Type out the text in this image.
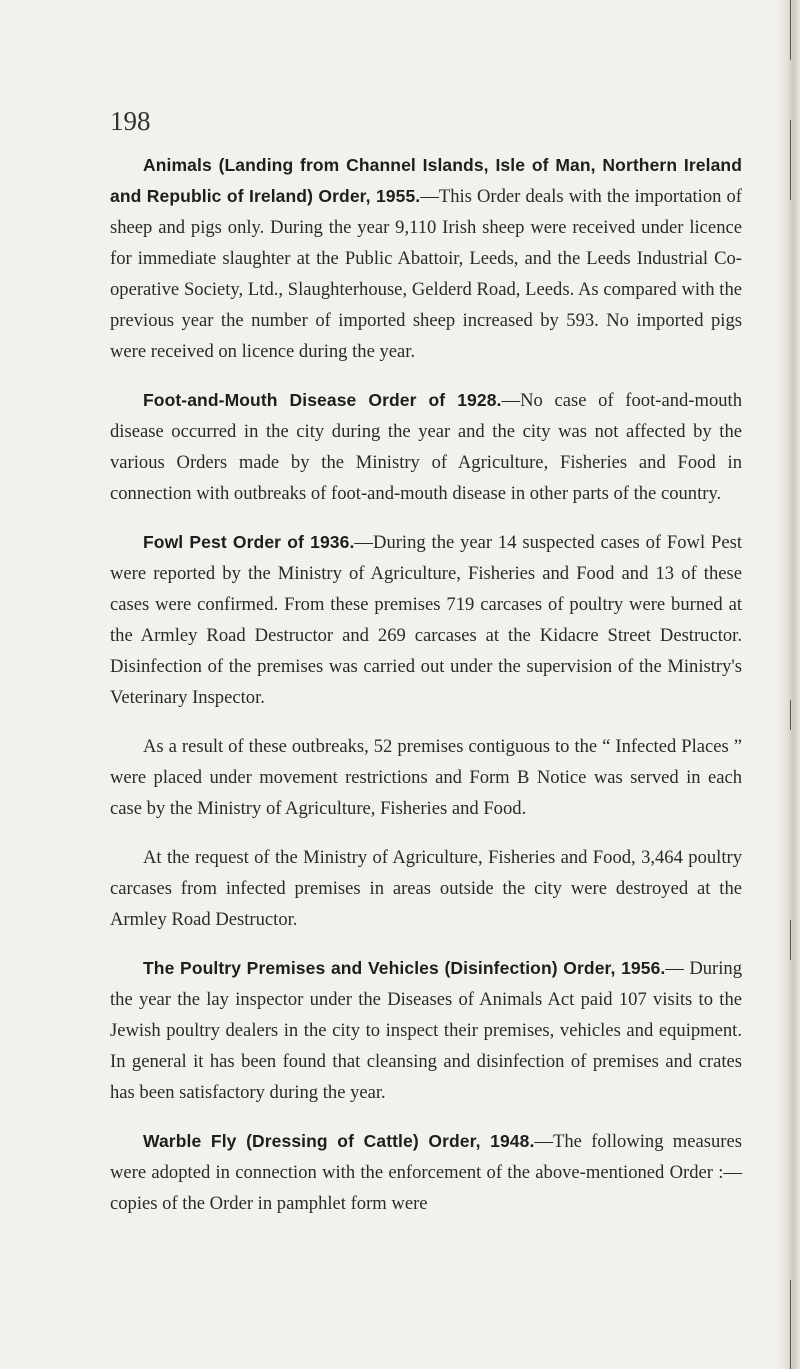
198

Animals (Landing from Channel Islands, Isle of Man, Northern Ireland and Republic of Ireland) Order, 1955.—This Order deals with the importation of sheep and pigs only. During the year 9,110 Irish sheep were received under licence for immediate slaughter at the Public Abattoir, Leeds, and the Leeds Industrial Co-operative Society, Ltd., Slaughterhouse, Gelderd Road, Leeds. As compared with the previous year the number of imported sheep increased by 593. No imported pigs were received on licence during the year.

Foot-and-Mouth Disease Order of 1928.—No case of foot-and-mouth disease occurred in the city during the year and the city was not affected by the various Orders made by the Ministry of Agriculture, Fisheries and Food in connection with outbreaks of foot-and-mouth disease in other parts of the country.

Fowl Pest Order of 1936.—During the year 14 suspected cases of Fowl Pest were reported by the Ministry of Agriculture, Fisheries and Food and 13 of these cases were confirmed. From these premises 719 carcases of poultry were burned at the Armley Road Destructor and 269 carcases at the Kidacre Street Destructor. Disinfection of the premises was carried out under the supervision of the Ministry's Veterinary Inspector.

As a result of these outbreaks, 52 premises contiguous to the “ Infected Places ” were placed under movement restrictions and Form B Notice was served in each case by the Ministry of Agriculture, Fisheries and Food.

At the request of the Ministry of Agriculture, Fisheries and Food, 3,464 poultry carcases from infected premises in areas outside the city were destroyed at the Armley Road Destructor.

The Poultry Premises and Vehicles (Disinfection) Order, 1956.— During the year the lay inspector under the Diseases of Animals Act paid 107 visits to the Jewish poultry dealers in the city to inspect their premises, vehicles and equipment. In general it has been found that cleansing and disinfection of premises and crates has been satisfactory during the year.

Warble Fly (Dressing of Cattle) Order, 1948.—The following measures were adopted in connection with the enforcement of the above-mentioned Order :—copies of the Order in pamphlet form were
